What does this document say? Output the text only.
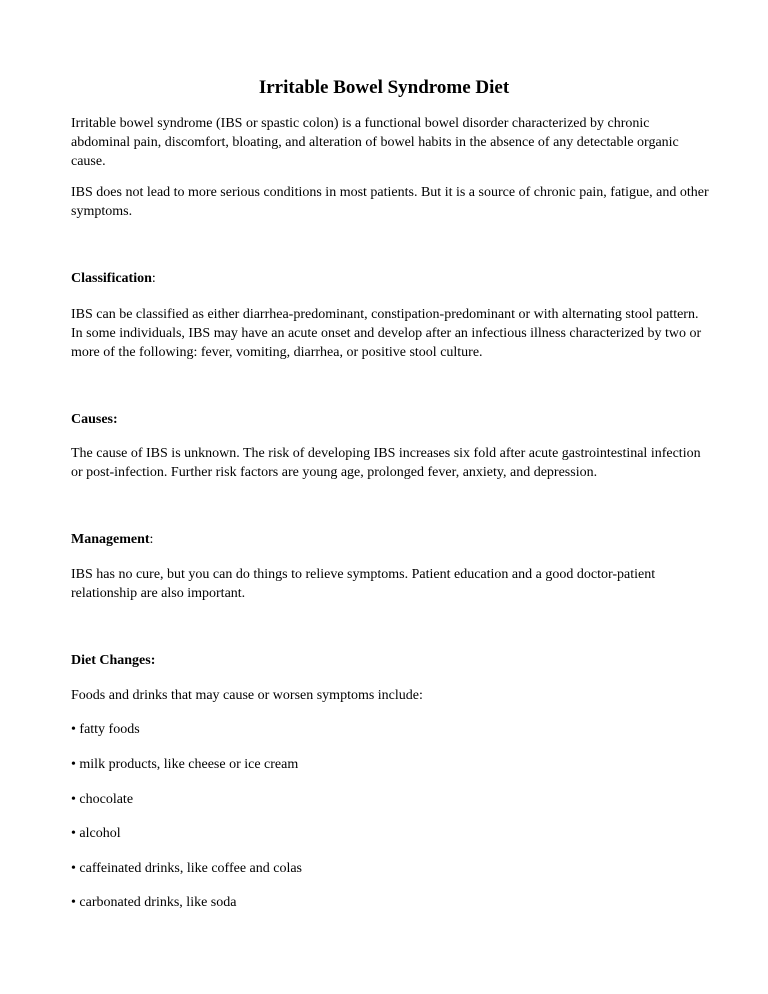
Irritable Bowel Syndrome Diet

Irritable bowel syndrome (IBS or spastic colon) is a functional bowel disorder characterized by chronic abdominal pain, discomfort, bloating, and alteration of bowel habits in the absence of any detectable organic cause.

IBS does not lead to more serious conditions in most patients. But it is a source of chronic pain, fatigue, and other symptoms.

Classification:

IBS can be classified as either diarrhea-predominant, constipation-predominant or with alternating stool pattern. In some individuals, IBS may have an acute onset and develop after an infectious illness characterized by two or more of the following: fever, vomiting, diarrhea, or positive stool culture.

Causes:

The cause of IBS is unknown. The risk of developing IBS increases six fold after acute gastrointestinal infection or post-infection. Further risk factors are young age, prolonged fever, anxiety, and depression.

Management:

IBS has no cure, but you can do things to relieve symptoms. Patient education and a good doctor-patient relationship are also important.

Diet Changes:

Foods and drinks that may cause or worsen symptoms include:

• fatty foods

• milk products, like cheese or ice cream

• chocolate

• alcohol

• caffeinated drinks, like coffee and colas

• carbonated drinks, like soda
